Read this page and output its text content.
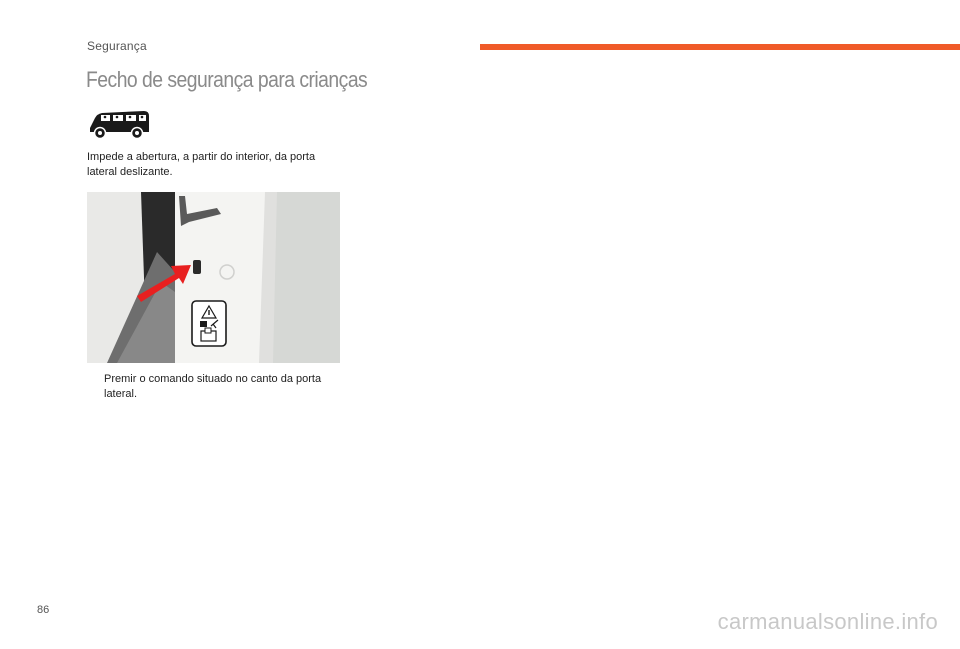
Segurança
Fecho de segurança para crianças

Impede a abertura, a partir do interior, da porta lateral deslizante.

Premir o comando situado no canto da porta lateral.
86	carmanualsonline.info
